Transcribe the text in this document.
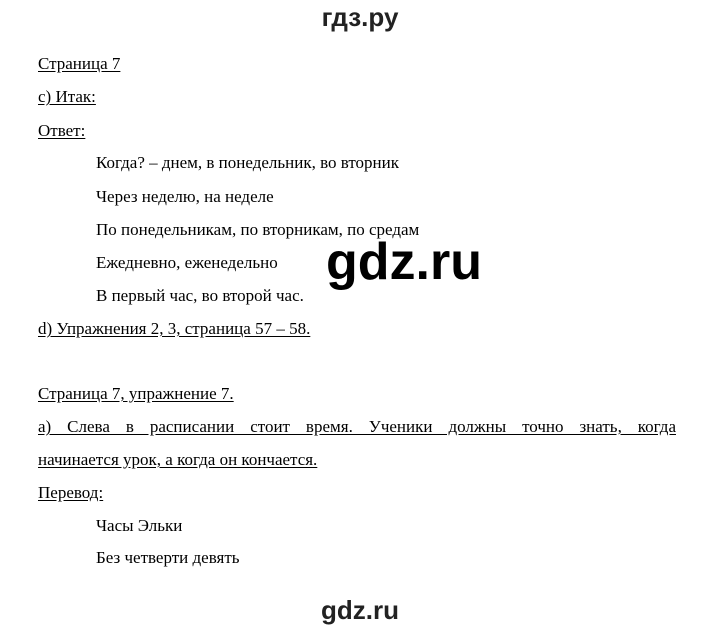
гдз.ру
Страница 7
c) Итак:
Ответ:
Когда? – днем, в понедельник, во вторник
Через неделю, на неделе
По понедельникам, по вторникам, по средам
Ежедневно, еженедельно
В первый час, во второй час.
d) Упражнения 2, 3, страница 57 – 58.
Страница 7, упражнение 7.
а) Слева в расписании стоит время. Ученики должны точно знать, когда
начинается урок, а когда он кончается.
Перевод:
Часы Эльки
Без четверти девять
gdz.ru
gdz.ru
